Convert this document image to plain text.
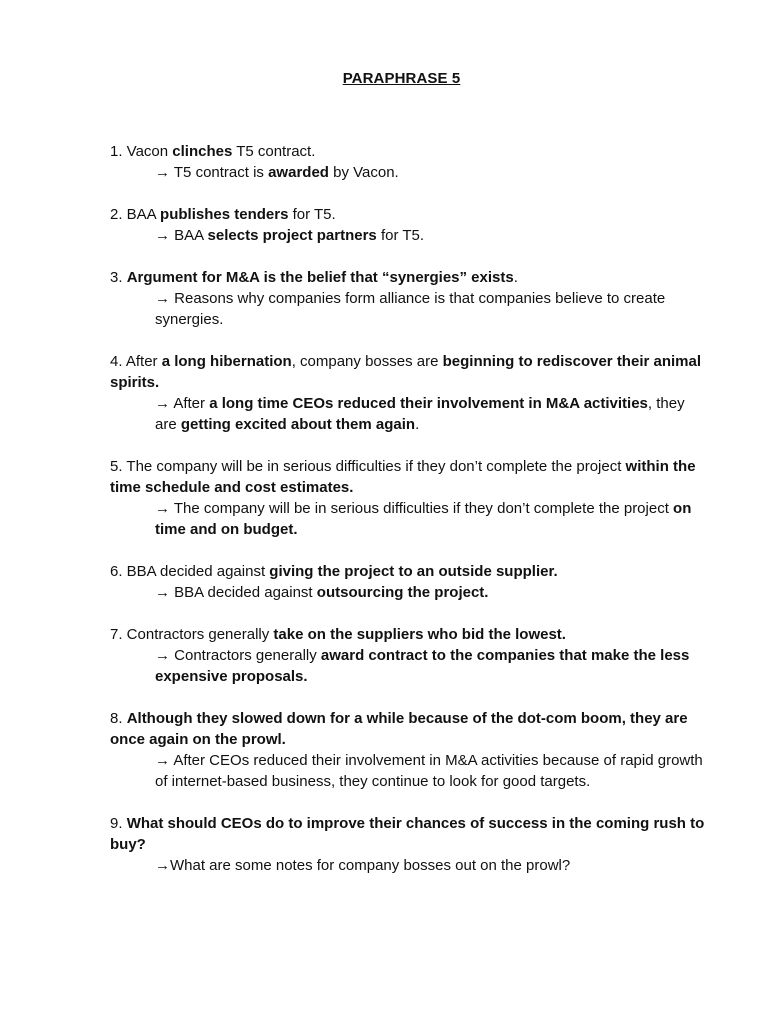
PARAPHRASE 5

1. Vacon clinches T5 contract.

→ T5 contract is awarded by Vacon.

2. BAA publishes tenders for T5.

→ BAA selects project partners for T5.

3. Argument for M&A is the belief that “synergies” exists.

→ Reasons why companies form alliance is that companies believe to create synergies.

4. After a long hibernation, company bosses are beginning to rediscover their animal spirits.

→ After a long time CEOs reduced their involvement in M&A activities, they are getting excited about them again.

5. The company will be in serious difficulties if they don’t complete the project within the time schedule and cost estimates.

→ The company will be in serious difficulties if they don’t complete the project on time and on budget.

6. BBA decided against giving the project to an outside supplier.

→ BBA decided against outsourcing the project.

7. Contractors generally take on the suppliers who bid the lowest.

→ Contractors generally award contract to the companies that make the less expensive proposals.

8. Although they slowed down for a while because of the dot-com boom, they are once again on the prowl.

→ After CEOs reduced their involvement in M&A activities because of rapid growth of internet-based business, they continue to look for good targets.

9. What should CEOs do to improve their chances of success in the coming rush to buy?

→What are some notes for company bosses out on the prowl?
